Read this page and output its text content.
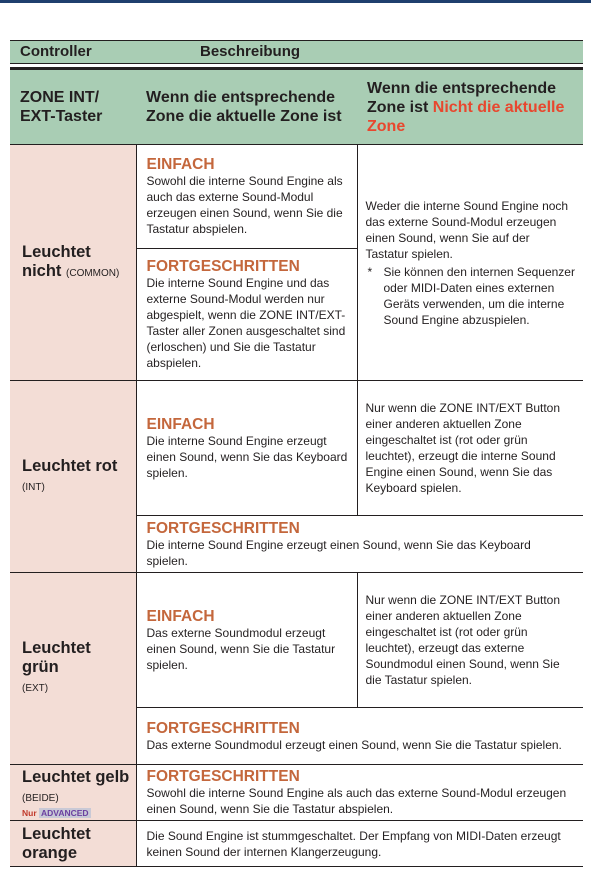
Controller	Beschreibung
ZONE INT/
EXT-Taster	Wenn die entsprechende Zone die aktuelle Zone ist	Wenn die entsprechende Zone ist Nicht die aktuelle Zone
Leuchtet nicht (COMMON)	EINFACH
Sowohl die interne Sound Engine als auch das externe Sound-Modul erzeugen einen Sound, wenn Sie die Tastatur abspielen.	Weder die interne Sound Engine noch das externe Sound-Modul erzeugen einen Sound, wenn Sie auf der Tastatur spielen.
* Sie können den internen Sequenzer oder MIDI-Daten eines externen Geräts verwenden, um die interne Sound Engine abzuspielen.

	FORTGESCHRITTEN
Die interne Sound Engine und das externe Sound-Modul werden nur abgespielt, wenn die ZONE INT/EXT-Taster aller Zonen ausgeschaltet sind (erloschen) und Sie die Tastatur abspielen.	

Leuchtet rot
(INT)	EINFACH
Die interne Sound Engine erzeugt einen Sound, wenn Sie das Keyboard spielen.	Nur wenn die ZONE INT/EXT Button einer anderen aktuellen Zone eingeschaltet ist (rot oder grün leuchtet), erzeugt die interne Sound Engine einen Sound, wenn Sie das Keyboard spielen.

	FORTGESCHRITTEN
Die interne Sound Engine erzeugt einen Sound, wenn Sie das Keyboard spielen.	

Leuchtet grün
(EXT)	EINFACH
Das externe Soundmodul erzeugt einen Sound, wenn Sie die Tastatur spielen.	Nur wenn die ZONE INT/EXT Button einer anderen aktuellen Zone eingeschaltet ist (rot oder grün leuchtet), erzeugt das externe Soundmodul einen Sound, wenn Sie die Tastatur spielen.

	FORTGESCHRITTEN
Das externe Soundmodul erzeugt einen Sound, wenn Sie die Tastatur spielen.	

Leuchtet gelb (BEIDE)
Nur ADVANCED	FORTGESCHRITTEN
Sowohl die interne Sound Engine als auch das externe Sound-Modul erzeugen einen Sound, wenn Sie die Tastatur abspielen.	

Leuchtet orange	Die Sound Engine ist stummgeschaltet. Der Empfang von MIDI-Daten erzeugt keinen Sound der internen Klangerzeugung.	
